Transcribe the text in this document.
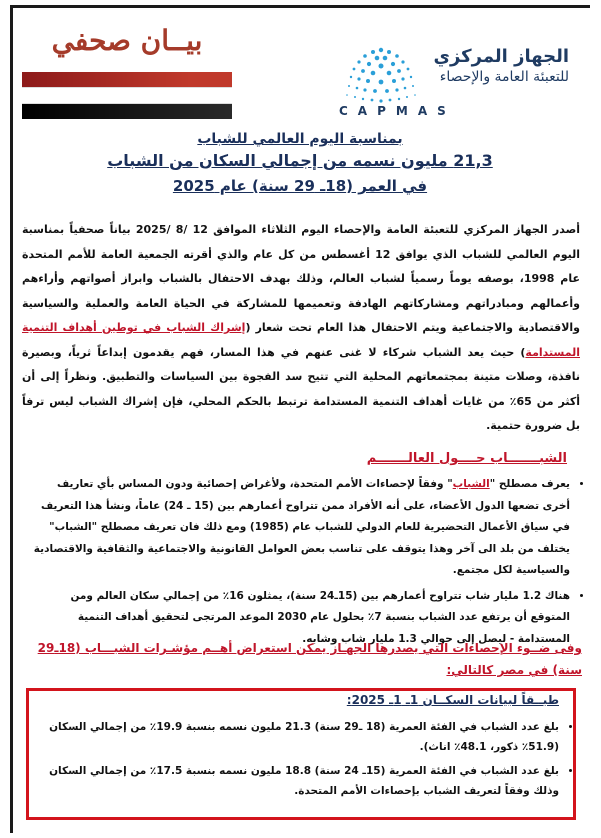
الجهاز المركزي
للتعبئة العامة والإحصاء
CAPMAS
بيــان صحفي
بمناسبة اليوم العالمي للشباب
21,3 مليون نسمه من إجمالي السكان من الشباب
في العمر (18ـ 29 سنة) عام 2025
أصدر الجهاز المركزي للتعبئة العامة والإحصاء اليوم الثلاثاء الموافق 12 /8 /2025 بياناً صحفياً بمناسبة اليوم العالمي للشباب الذي يوافق 12 أغسطس من كل عام والذي أقرته الجمعية العامة للأمم المتحدة عام 1998، بوصفه يوماً رسمياً لشباب العالم، وذلك بهدف الاحتفال بالشباب وابراز أصواتهم وأراءهم وأعمالهم ومبادراتهم ومشاركاتهم الهادفة وتعميمها للمشاركة في الحياة العامة والعملية والسياسية والاقتصادية والاجتماعية ويتم الاحتفال هذا العام تحت شعار (إشراك الشباب في توطين أهداف التنمية المستدامة) حيث يعد الشباب شركاء لا غنى عنهم في هذا المسار، فهم يقدمون إبداعاً ثرياً، وبصيرة نافذة، وصلات متينة بمجتمعاتهم المحلية التي تتيح سد الفجوة بين السياسات والتطبيق. ونظراً إلى أن أكثر من 65٪ من غايات أهداف التنمية المستدامة ترتبط بالحكم المحلي، فإن إشراك الشباب ليس ترفاً بل ضرورة حتمية.
الشبـــــــاب حــــول العالـــــــم
• يعرف مصطلح "الشباب" وفقاً لإحصاءات الأمم المتحدة، ولأغراض إحصائية ودون المساس بأي تعاريف أخرى تضعها الدول الأعضاء، على أنه الأفراد ممن تتراوح أعمارهم بين (15 ـ 24) عاماً، ونشأ هذا التعريف في سياق الأعمال التحضيرية للعام الدولي للشباب عام (1985) ومع ذلك فان تعريف مصطلح "الشباب" يختلف من بلد الى آخر وهذا يتوقف على تناسب بعض العوامل القانونية والاجتماعية والثقافية والاقتصادية والسياسية لكل مجتمع.
• هناك 1.2 مليار شاب تتراوح أعمارهم بين (15ـ24 سنة)، يمثلون 16٪ من إجمالي سكان العالم ومن المتوقع أن يرتفع عدد الشباب بنسبة 7٪ بحلول عام 2030 الموعد المرتجى لتحقيق أهداف التنمية المستدامة - ليصل إلى حوالي 1.3 مليار شاب وشابه.
وفى ضــوء الإحصاءات التي يصدرها الجهـاز يمكن استعراض أهــم مؤشـرات الشبـــاب (18ـ29 سنة) في مصر كالتالي:
طبــقاً لبيانات السكــان 1ـ 1ـ 2025:
• بلغ عدد الشباب في الفئة العمرية (18 ـ29 سنة) 21.3 مليون نسمه بنسبة 19.9٪ من إجمالي السكان (51.9٪ ذكور، 48.1٪ اناث).
• بلغ عدد الشباب في الفئة العمرية (15ـ 24 سنة) 18.8 مليون نسمه بنسبة 17.5٪ من إجمالي السكان وذلك وفقاً لتعريف الشباب بإحصاءات الأمم المتحدة.
